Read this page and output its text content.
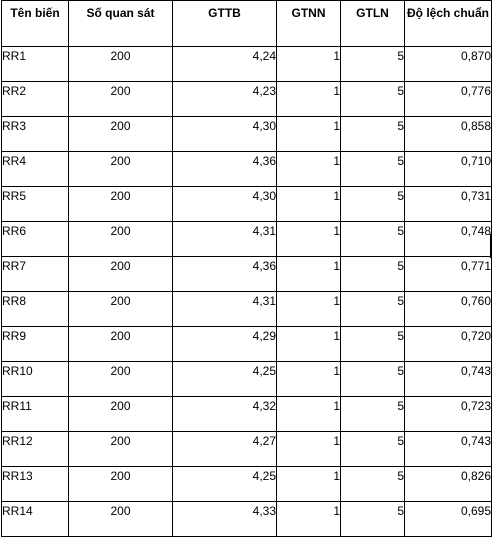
Tên biến	Số quan sát	GTTB	GTNN	GTLN	Độ lệch chuẩn
RR1	200	4,24	1	5	0,870
RR2	200	4,23	1	5	0,776
RR3	200	4,30	1	5	0,858
RR4	200	4,36	1	5	0,710
RR5	200	4,30	1	5	0,731
RR6	200	4,31	1	5	0,748
RR7	200	4,36	1	5	0,771
RR8	200	4,31	1	5	0,760
RR9	200	4,29	1	5	0,720
RR10	200	4,25	1	5	0,743
RR11	200	4,32	1	5	0,723
RR12	200	4,27	1	5	0,743
RR13	200	4,25	1	5	0,826
RR14	200	4,33	1	5	0,695
